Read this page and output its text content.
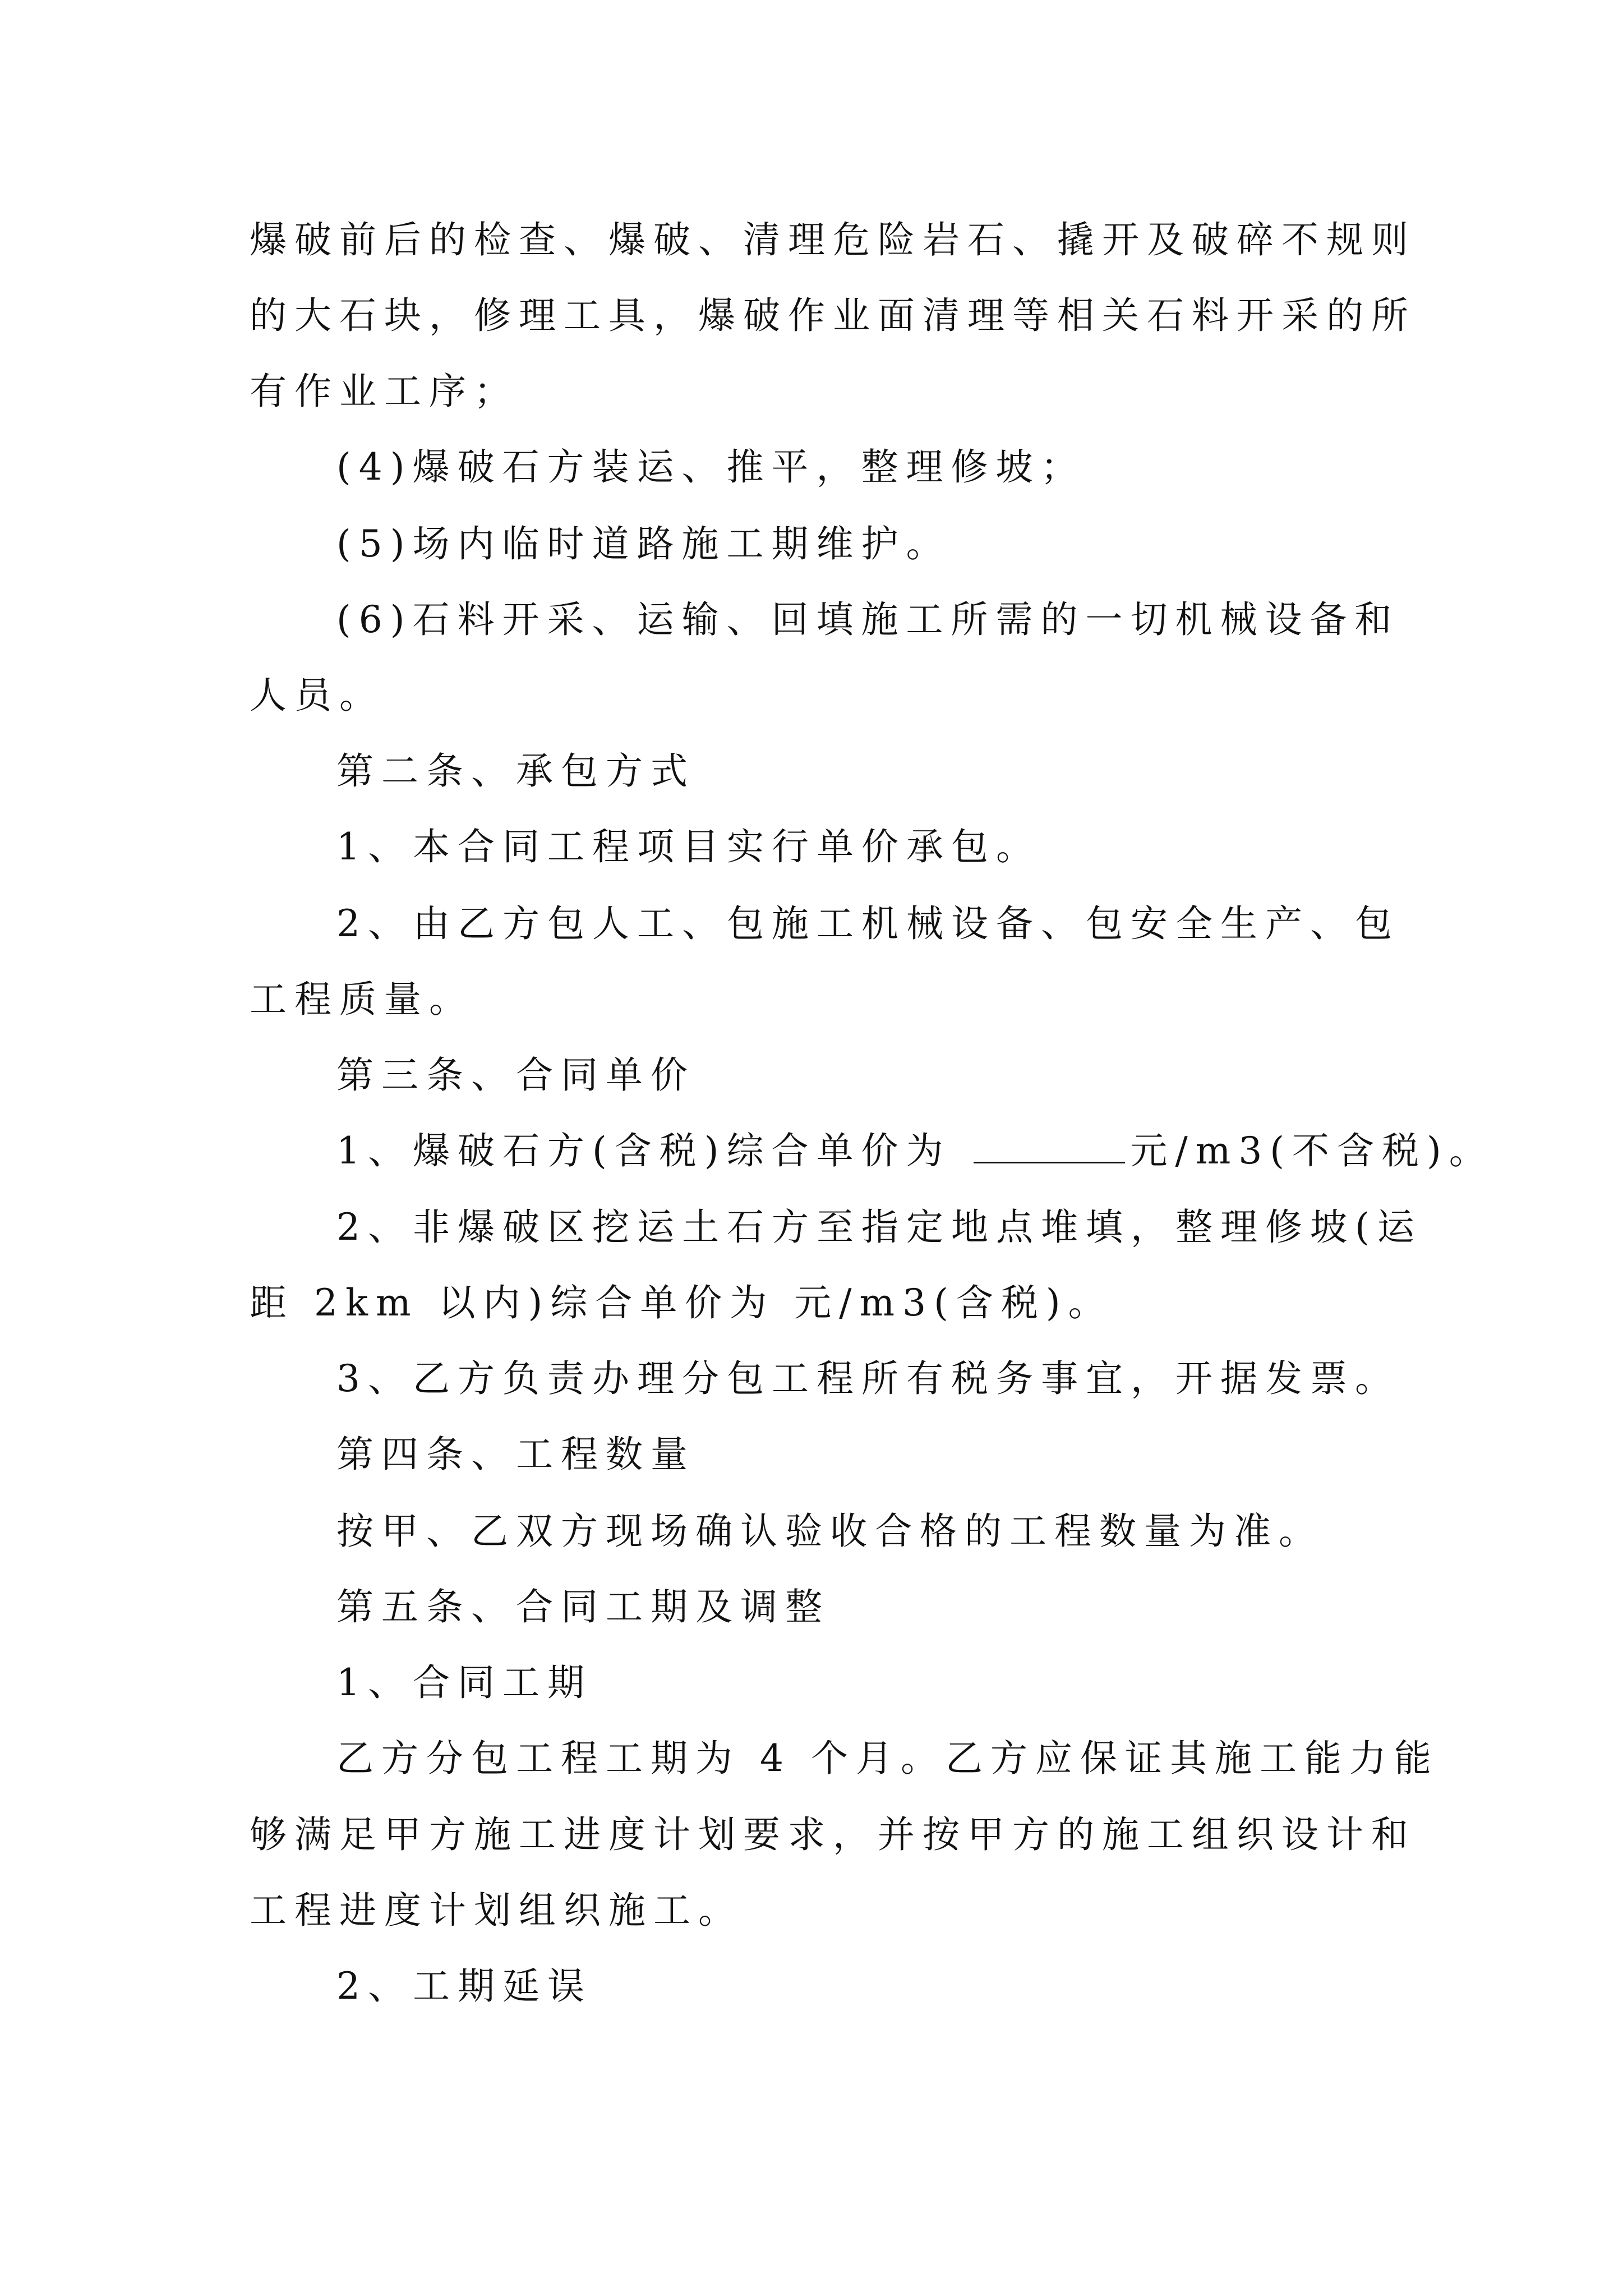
爆破前后的检查、爆破、清理危险岩石、撬开及破碎不规则
的大石块，修理工具，爆破作业面清理等相关石料开采的所
有作业工序；
(4)爆破石方装运、推平，整理修坡；
(5)场内临时道路施工期维护。
(6)石料开采、运输、回填施工所需的一切机械设备和
人员。
第二条、承包方式
1、本合同工程项目实行单价承包。
2、由乙方包人工、包施工机械设备、包安全生产、包
工程质量。
第三条、合同单价
1、爆破石方(含税)综合单价为	元/m3(不含税)。
2、非爆破区挖运土石方至指定地点堆填，整理修坡(运
距 2km 以内)综合单价为 元/m3(含税)。
3、乙方负责办理分包工程所有税务事宜，开据发票。
第四条、工程数量
按甲、乙双方现场确认验收合格的工程数量为准。
第五条、合同工期及调整
1、合同工期
乙方分包工程工期为 4 个月。乙方应保证其施工能力能
够满足甲方施工进度计划要求，并按甲方的施工组织设计和
工程进度计划组织施工。
2、工期延误
